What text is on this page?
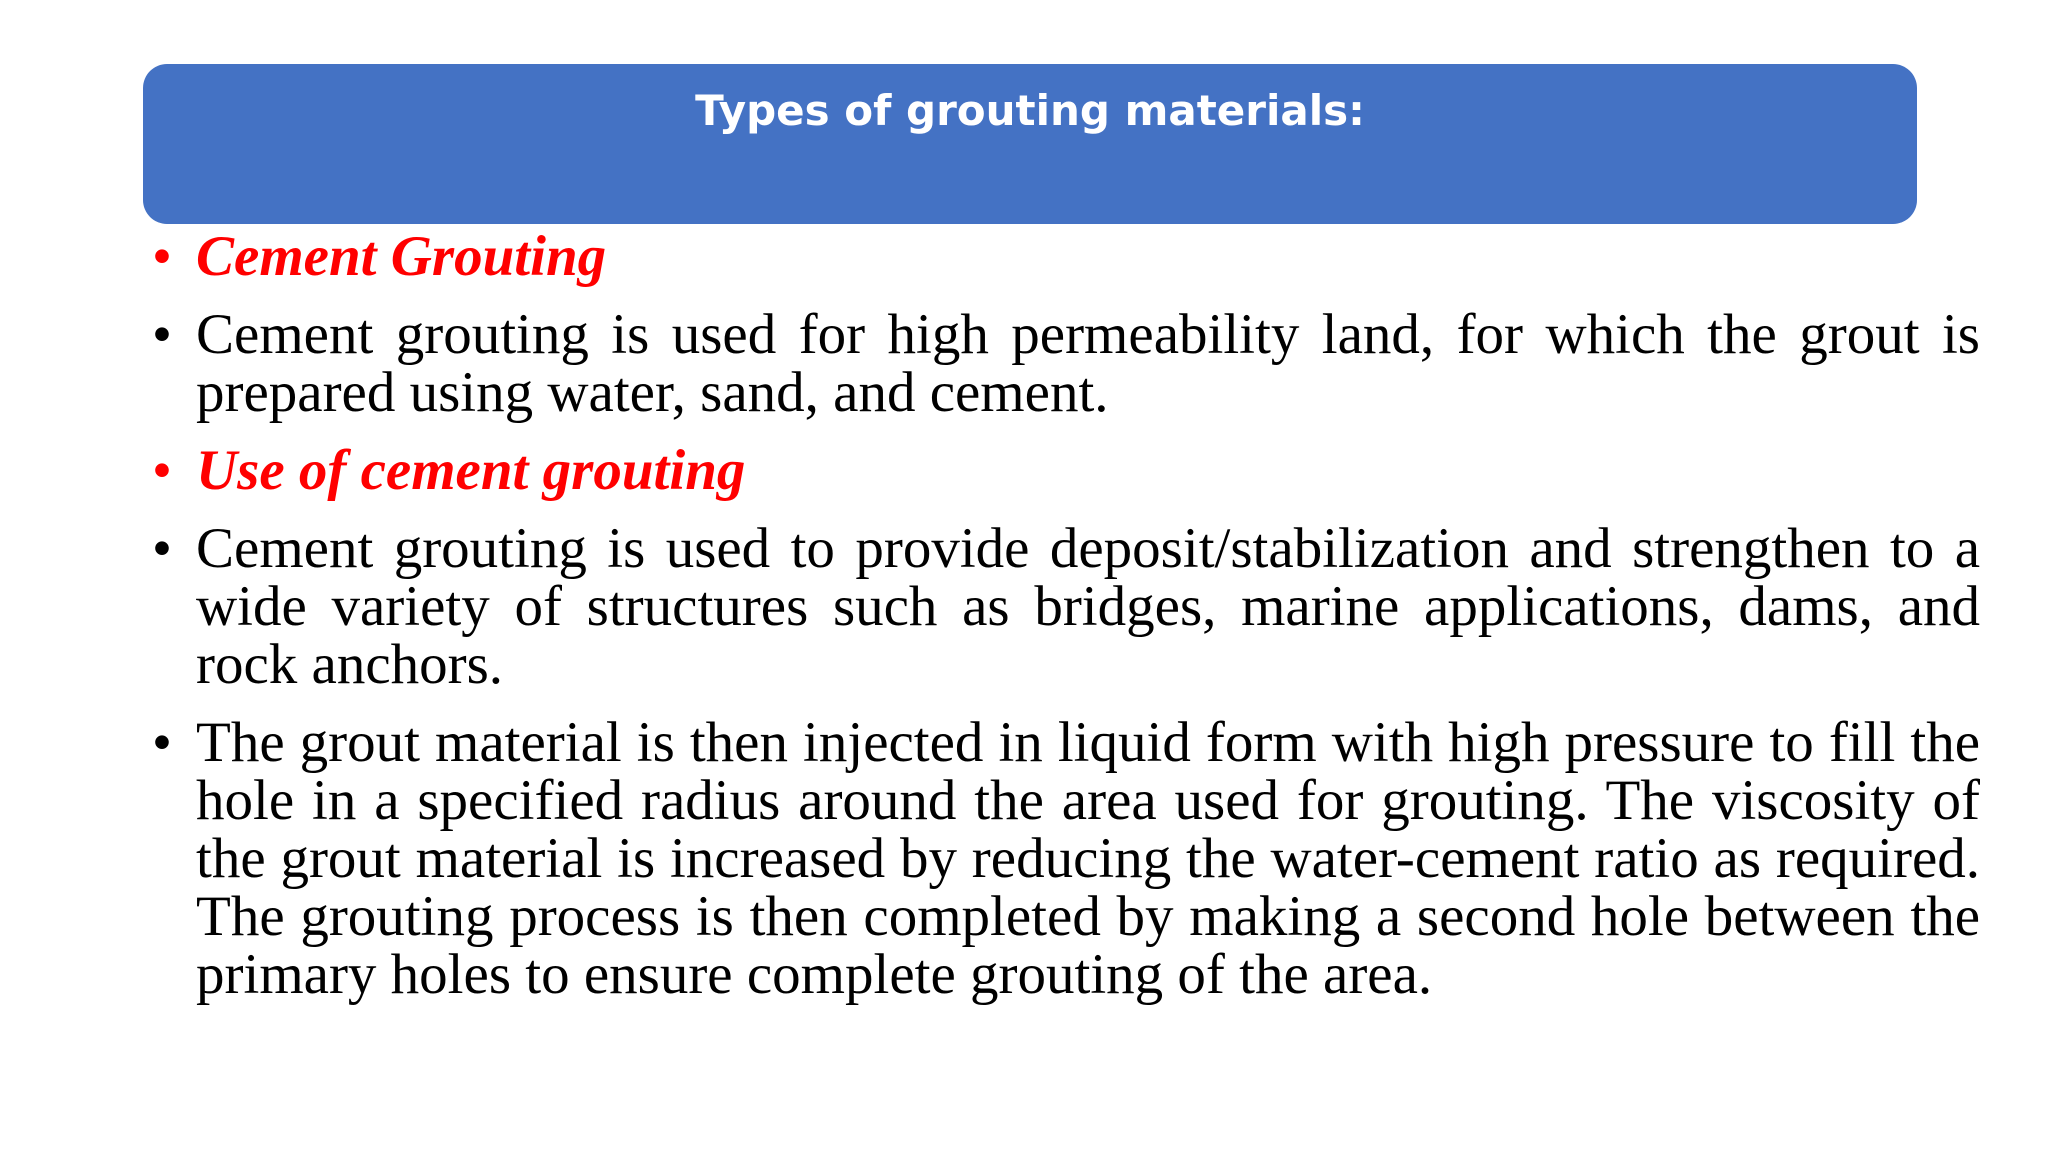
Types of grouting materials:
• Cement Grouting
• Cement grouting is used for high permeability land, for which the grout is prepared using water, sand, and cement.
• Use of cement grouting
• Cement grouting is used to provide deposit/stabilization and strengthen to a wide variety of structures such as bridges, marine applications, dams, and rock anchors.
• The grout material is then injected in liquid form with high pressure to fill the hole in a specified radius around the area used for grouting. The viscosity of the grout material is increased by reducing the water-cement ratio as required. The grouting process is then completed by making a second hole between the primary holes to ensure complete grouting of the area.
